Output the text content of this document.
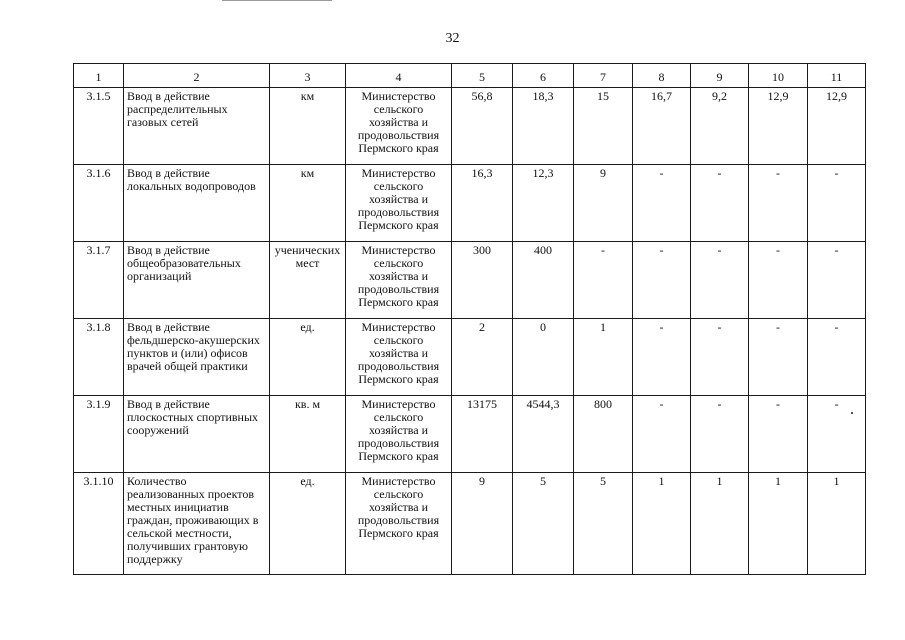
32
1	2	3	4	5	6	7	8	9	10	11
3.1.5	Ввод в действие распределительных газовых сетей	км	Министерство сельского хозяйства и продовольствия Пермского края	56,8	18,3	15	16,7	9,2	12,9	12,9
3.1.6	Ввод в действие локальных водопроводов	км	Министерство сельского хозяйства и продовольствия Пермского края	16,3	12,3	9	-	-	-	-
3.1.7	Ввод в действие общеобразовательных организаций	ученических мест	Министерство сельского хозяйства и продовольствия Пермского края	300	400	-	-	-	-	-
3.1.8	Ввод в действие фельдшерско-акушерских пунктов и (или) офисов врачей общей практики	ед.	Министерство сельского хозяйства и продовольствия Пермского края	2	0	1	-	-	-	-
3.1.9	Ввод в действие плоскостных спортивных сооружений	кв. м	Министерство сельского хозяйства и продовольствия Пермского края	13175	4544,3	800	-	-	-	-
3.1.10	Количество реализованных проектов местных инициатив граждан, проживающих в сельской местности, получивших грантовую поддержку	ед.	Министерство сельского хозяйства и продовольствия Пермского края	9	5	5	1	1	1	1
